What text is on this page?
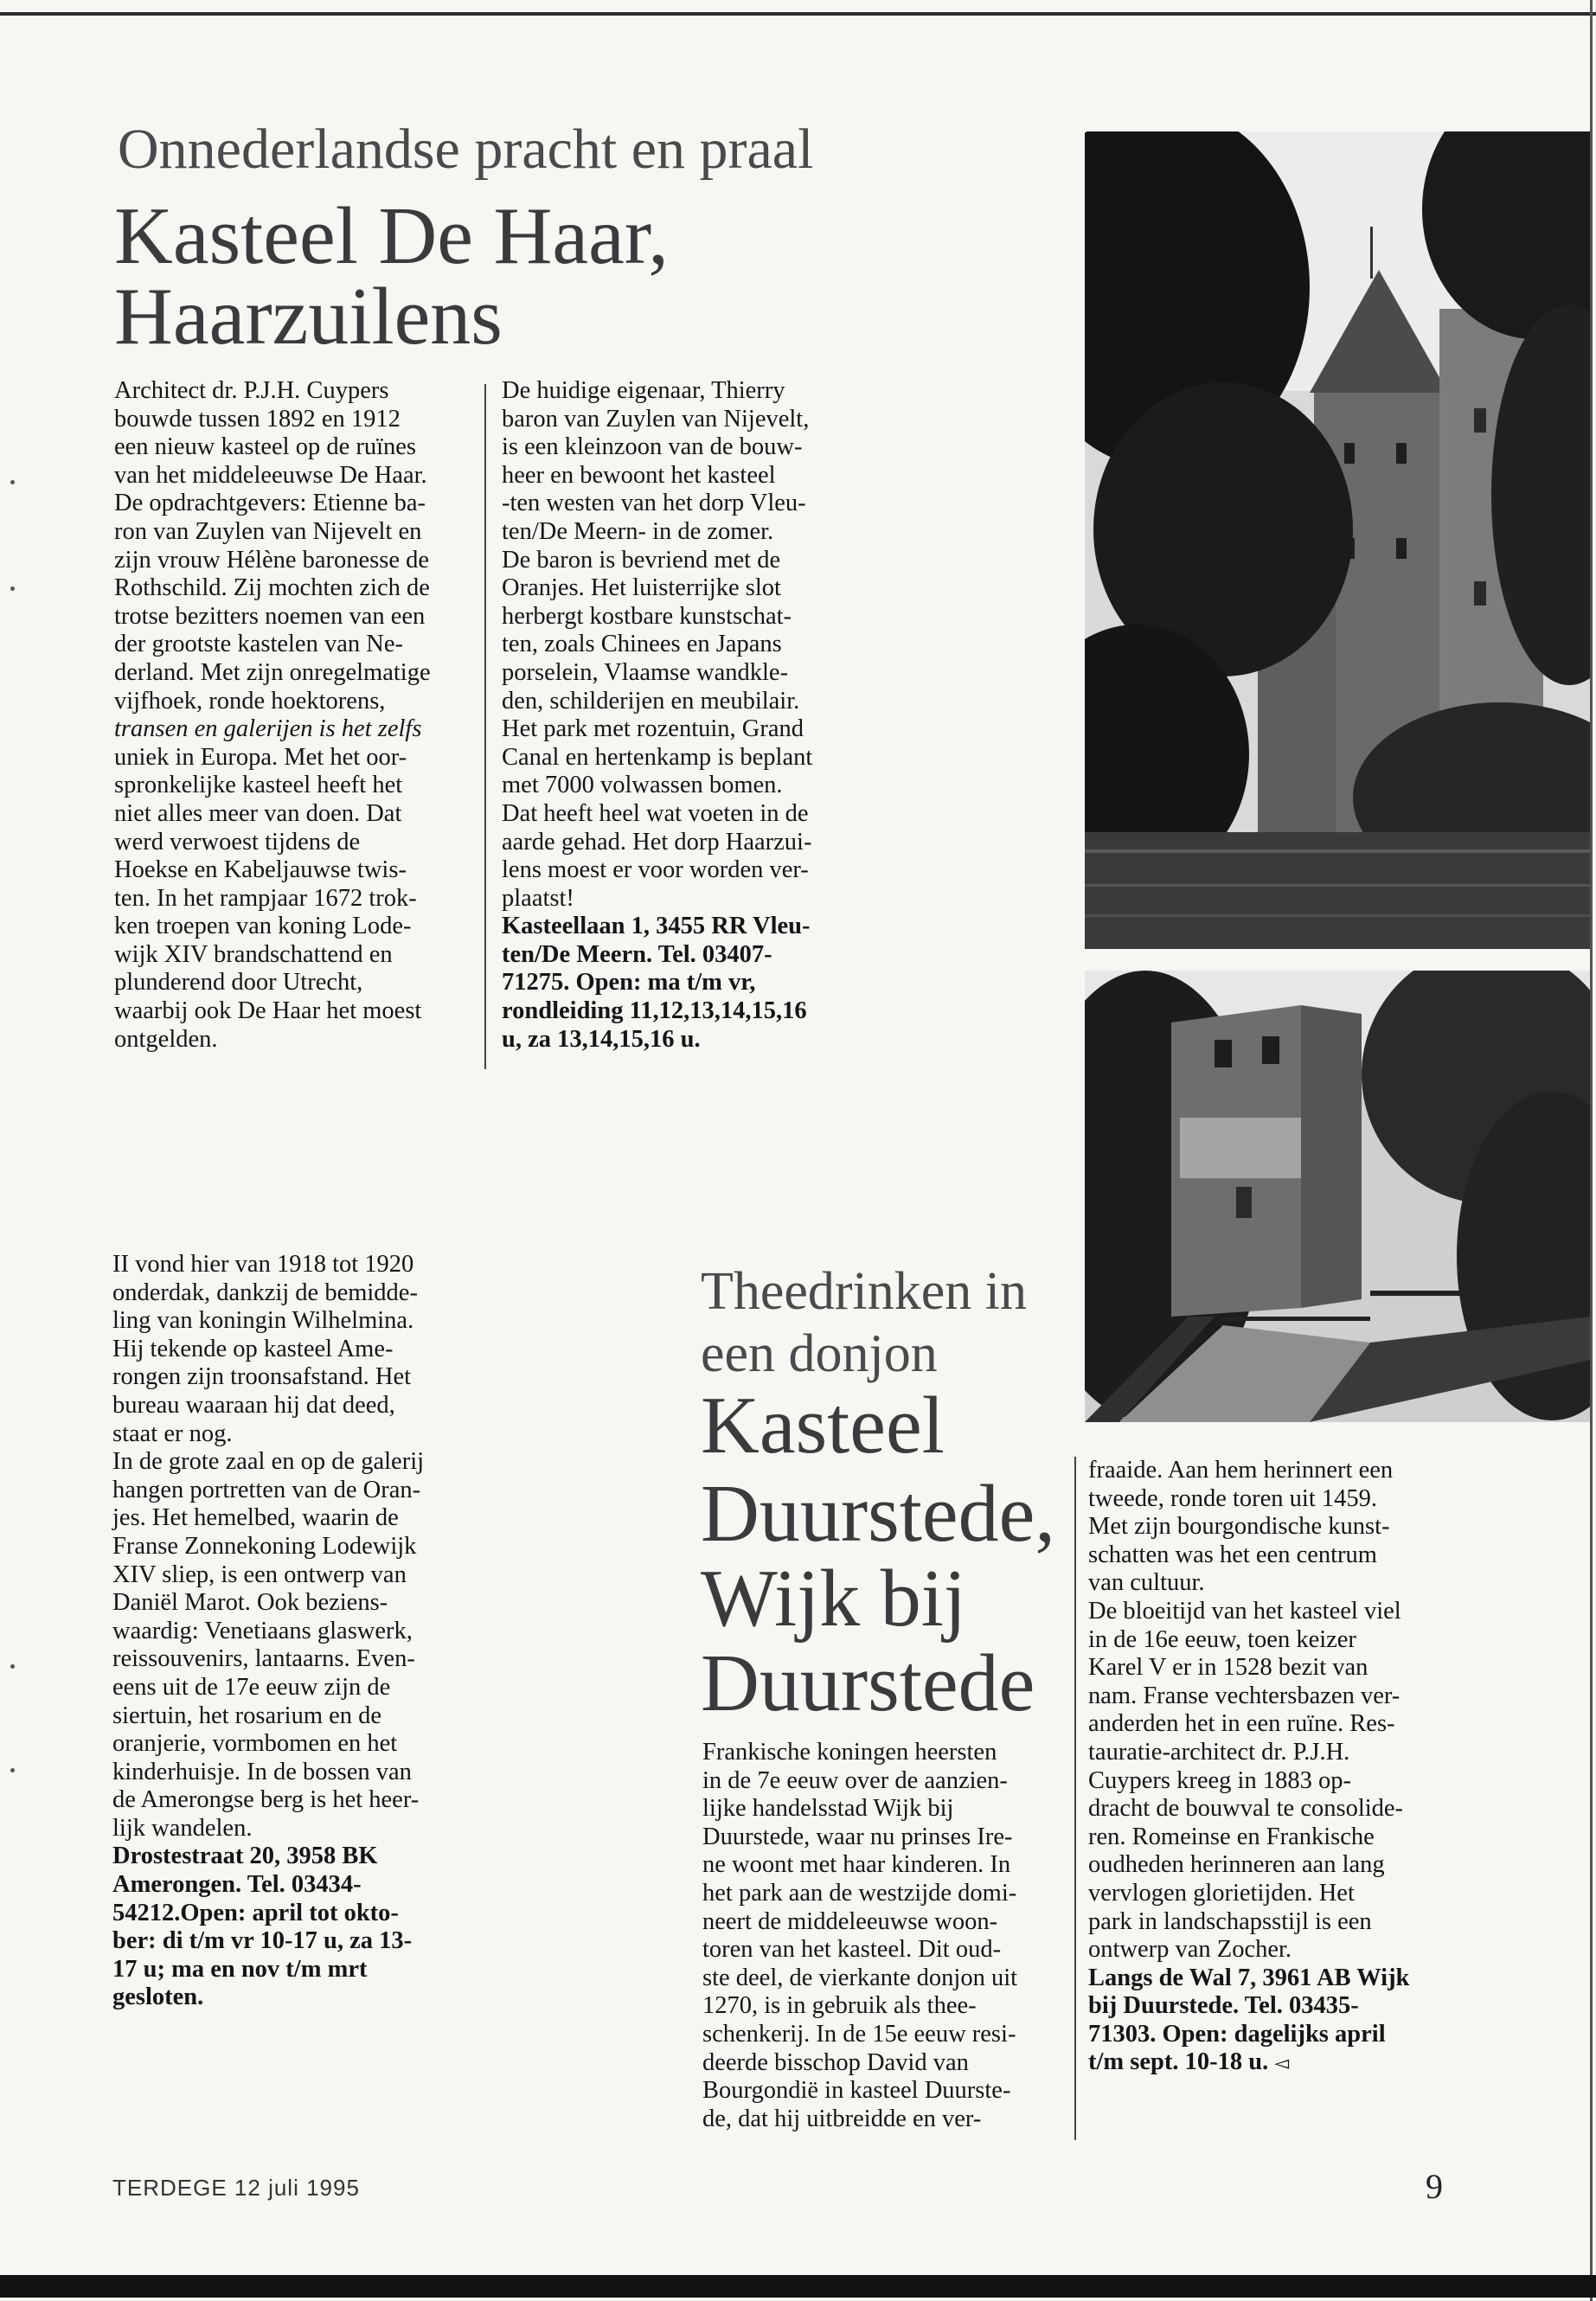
Onnederlandse pracht en praal
Kasteel De Haar,
Haarzuilens

Architect dr. P.J.H. Cuypers

bouwde tussen 1892 en 1912

een nieuw kasteel op de ruïnes

van het middeleeuwse De Haar.

De opdrachtgevers: Etienne ba-

ron van Zuylen van Nijevelt en

zijn vrouw Hélène baronesse de

Rothschild. Zij mochten zich de

trotse bezitters noemen van een

der grootste kastelen van Ne-

derland. Met zijn onregelmatige

vijfhoek, ronde hoektorens,

transen en galerijen is het zelfs

uniek in Europa. Met het oor-

spronkelijke kasteel heeft het

niet alles meer van doen. Dat

werd verwoest tijdens de

Hoekse en Kabeljauwse twis-

ten. In het rampjaar 1672 trok-

ken troepen van koning Lode-

wijk XIV brandschattend en

plunderend door Utrecht,

waarbij ook De Haar het moest

ontgelden.

De huidige eigenaar, Thierry

baron van Zuylen van Nijevelt,

is een kleinzoon van de bouw-

heer en bewoont het kasteel

-ten westen van het dorp Vleu-

ten/De Meern- in de zomer.

De baron is bevriend met de

Oranjes. Het luisterrijke slot

herbergt kostbare kunstschat-

ten, zoals Chinees en Japans

porselein, Vlaamse wandkle-

den, schilderijen en meubilair.

Het park met rozentuin, Grand

Canal en hertenkamp is beplant

met 7000 volwassen bomen.

Dat heeft heel wat voeten in de

aarde gehad. Het dorp Haarzui-

lens moest er voor worden ver-

plaatst!

Kasteellaan 1, 3455 RR Vleu-

ten/De Meern. Tel. 03407-

71275. Open: ma t/m vr,

rondleiding 11,12,13,14,15,16

u, za 13,14,15,16 u.

II vond hier van 1918 tot 1920

onderdak, dankzij de bemidde-

ling van koningin Wilhelmina.

Hij tekende op kasteel Ame-

rongen zijn troonsafstand. Het

bureau waaraan hij dat deed,

staat er nog.

In de grote zaal en op de galerij

hangen portretten van de Oran-

jes. Het hemelbed, waarin de

Franse Zonnekoning Lodewijk

XIV sliep, is een ontwerp van

Daniël Marot. Ook beziens-

waardig: Venetiaans glaswerk,

reissouvenirs, lantaarns. Even-

eens uit de 17e eeuw zijn de

siertuin, het rosarium en de

oranjerie, vormbomen en het

kinderhuisje. In de bossen van

de Amerongse berg is het heer-

lijk wandelen.

Drostestraat 20, 3958 BK

Amerongen. Tel. 03434-

54212.Open: april tot okto-

ber: di t/m vr 10-17 u, za 13-

17 u; ma en nov t/m mrt

gesloten.

Theedrinken in
een donjon
Kasteel
Duurstede,
Wijk bij
Duurstede

Frankische koningen heersten

in de 7e eeuw over de aanzien-

lijke handelsstad Wijk bij

Duurstede, waar nu prinses Ire-

ne woont met haar kinderen. In

het park aan de westzijde domi-

neert de middeleeuwse woon-

toren van het kasteel. Dit oud-

ste deel, de vierkante donjon uit

1270, is in gebruik als thee-

schenkerij. In de 15e eeuw resi-

deerde bisschop David van

Bourgondië in kasteel Duurste-

de, dat hij uitbreidde en ver-

fraaide. Aan hem herinnert een

tweede, ronde toren uit 1459.

Met zijn bourgondische kunst-

schatten was het een centrum

van cultuur.

De bloeitijd van het kasteel viel

in de 16e eeuw, toen keizer

Karel V er in 1528 bezit van

nam. Franse vechtersbazen ver-

anderden het in een ruïne. Res-

tauratie-architect dr. P.J.H.

Cuypers kreeg in 1883 op-

dracht de bouwval te consolide-

ren. Romeinse en Frankische

oudheden herinneren aan lang

vervlogen glorietijden. Het

park in landschapsstijl is een

ontwerp van Zocher.

Langs de Wal 7, 3961 AB Wijk

bij Duurstede. Tel. 03435-

71303. Open: dagelijks april

t/m sept. 10-18 u. ◅

TERDEGE 12 juli 1995	9
